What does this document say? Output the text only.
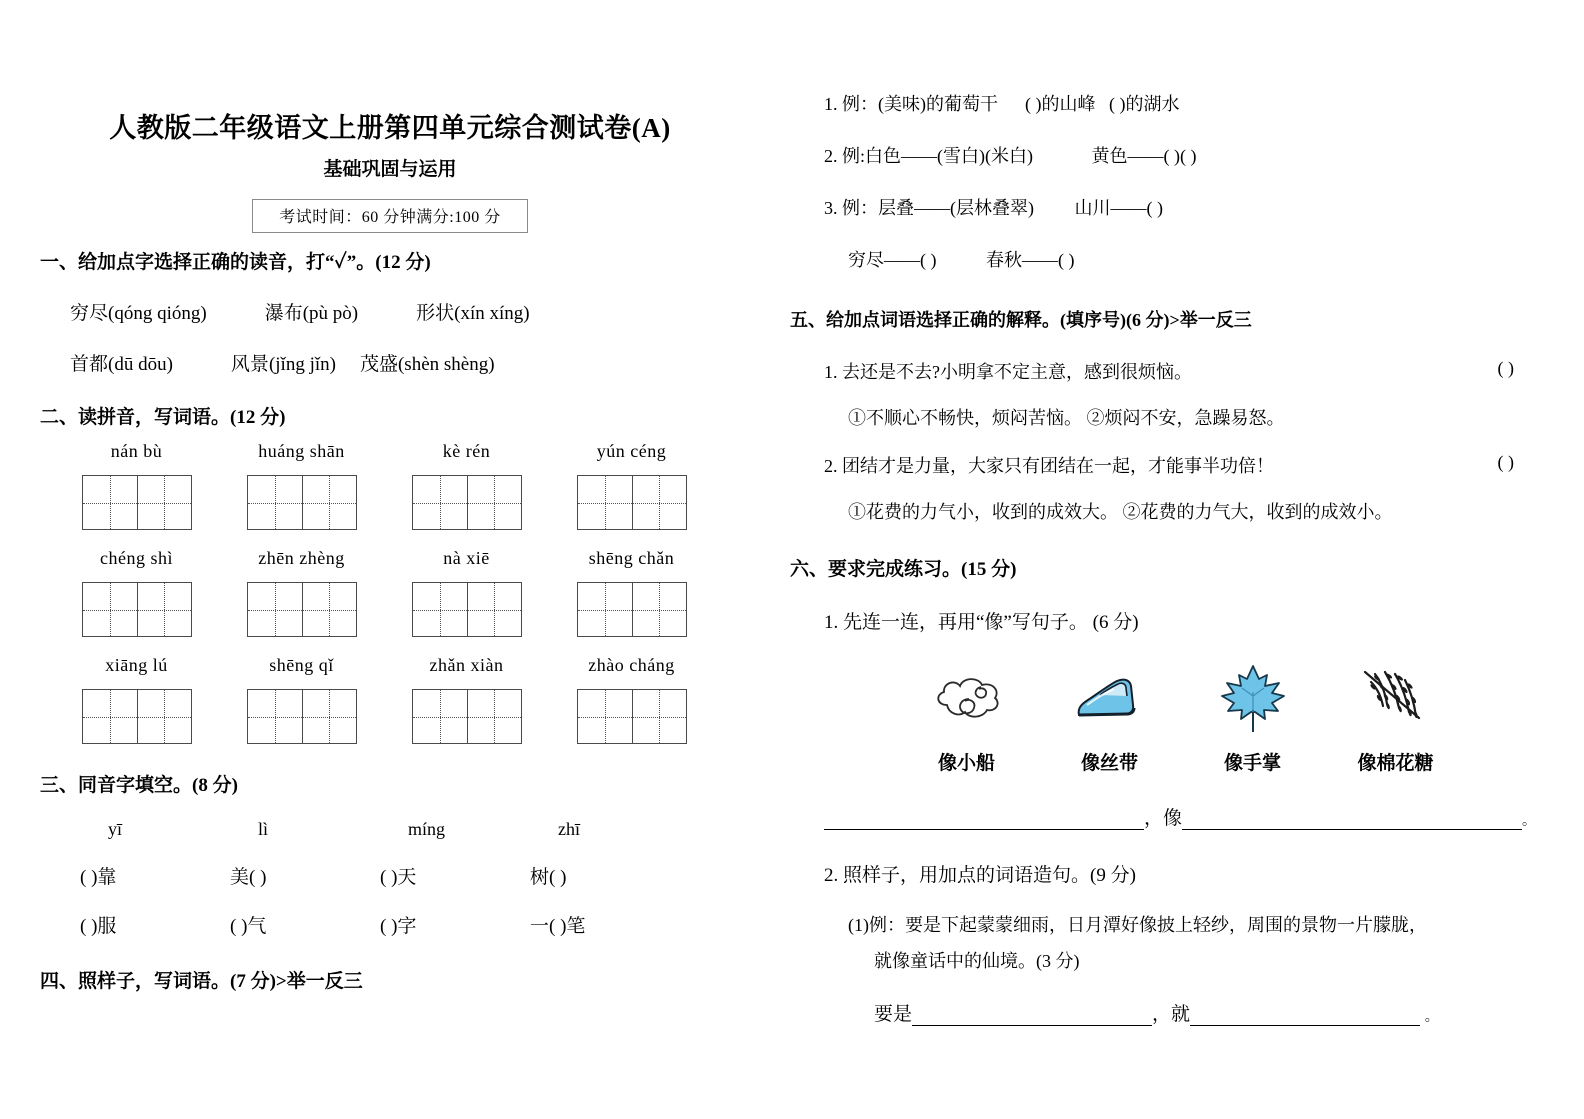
人教版二年级语文上册第四单元综合测试卷(A)
基础巩固与运用
考试时间：60 分钟满分:100 分
一、给加点字选择正确的读音，打“✓”。(12 分)
穷尽(qóng qióng)	瀑布(pù pò)	形状(xín xíng)
首都(dū dōu)	风景(jǐng jǐn) 茂盛(shèn shèng)
二、读拼音，写词语。(12 分)
nán bù	huáng shān	kè rén	yún céng
chéng shì	zhēn zhèng	nà xiē	shēng chǎn
xiāng lú	shēng qǐ	zhǎn xiàn	zhào cháng
三、同音字填空。(8 分)
yī	lì	míng	zhī
( )靠	美( )	( )天	树( )
( )服	( )气	( )字	一( )笔
四、照样子，写词语。(7 分)>举一反三
1. 例：(美味)的葡萄干 ( )的山峰 ( )的湖水
2. 例:白色——(雪白)(米白)	黄色——( )( )
3. 例：层叠——(层林叠翠) 山川——( )
穷尽——( )	春秋——( )
五、给加点词语选择正确的解释。(填序号)(6 分)>举一反三
1. 去还是不去?小明拿不定主意，感到很烦恼。	( )
①不顺心不畅快，烦闷苦恼。 ②烦闷不安，急躁易怒。
2. 团结才是力量，大家只有团结在一起，才能事半功倍！	( )
①花费的力气小，收到的成效大。 ②花费的力气大，收到的成效小。
六、要求完成练习。(15 分)
1. 先连一连，再用“像”写句子。 (6 分)
像小船	像丝带	像手掌	像棉花糖
，像	。
2. 照样子，用加点的词语造句。(9 分)
(1)例：要是下起蒙蒙细雨，日月潭好像披上轻纱，周围的景物一片朦胧，
就像童话中的仙境。(3 分)
要是	，就
	。
